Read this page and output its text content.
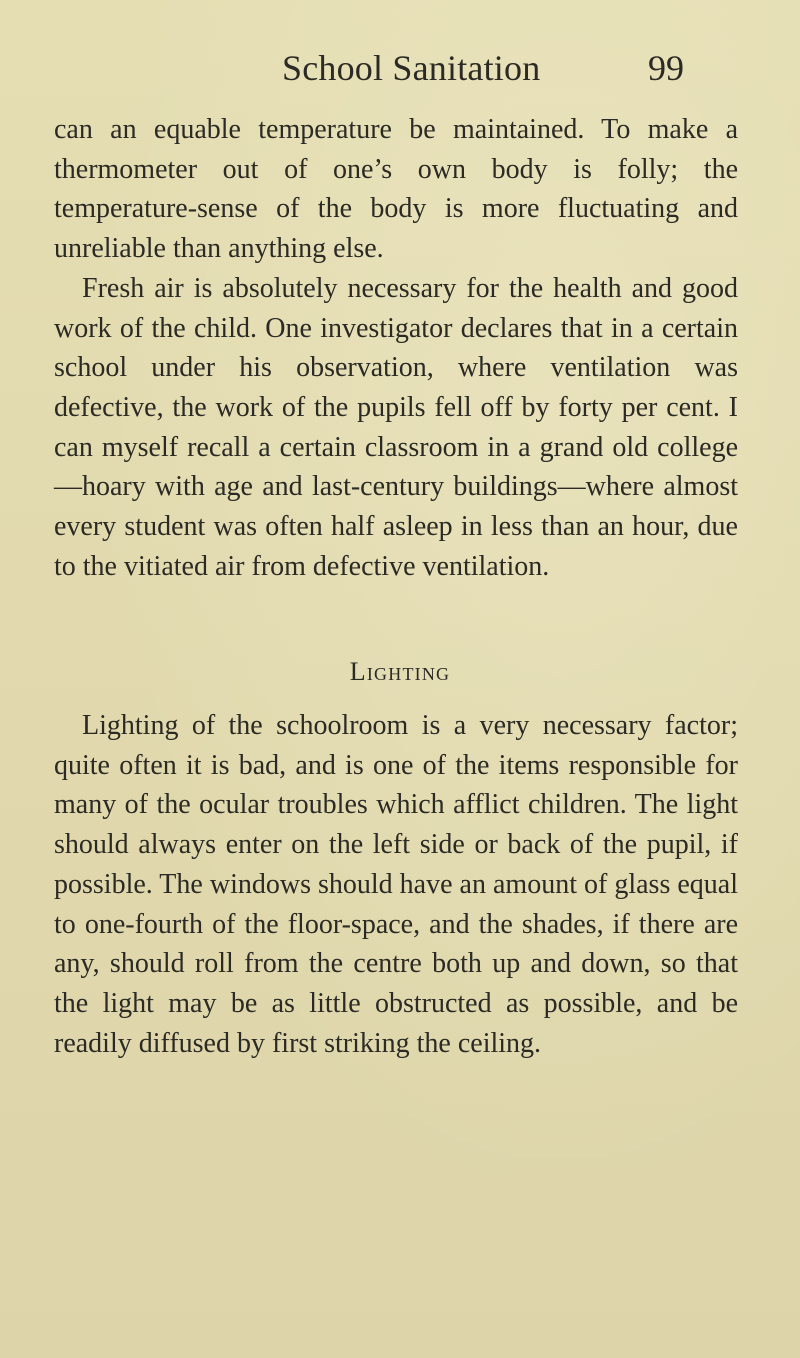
School Sanitation	99

can an equable temperature be maintained. To make a thermometer out of one’s own body is folly; the temperature-sense of the body is more fluctuating and unreliable than anything else.

Fresh air is absolutely necessary for the health and good work of the child. One investigator declares that in a certain school under his observation, where ventilation was defective, the work of the pupils fell off by forty per cent. I can myself recall a certain classroom in a grand old college—hoary with age and last-century buildings—where almost every student was often half asleep in less than an hour, due to the vitiated air from defective ventilation.

Lighting

Lighting of the schoolroom is a very necessary factor; quite often it is bad, and is one of the items responsible for many of the ocular troubles which afflict children. The light should always enter on the left side or back of the pupil, if possible. The windows should have an amount of glass equal to one-fourth of the floor-space, and the shades, if there are any, should roll from the centre both up and down, so that the light may be as little obstructed as possible, and be readily diffused by first striking the ceiling.
